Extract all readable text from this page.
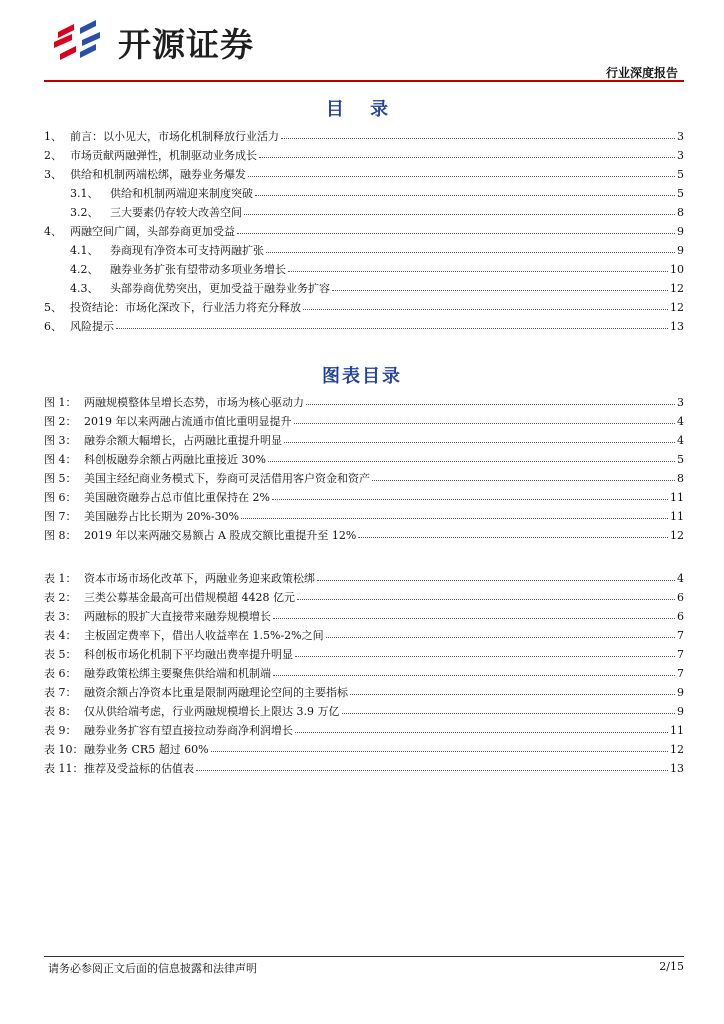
开源证券
行业深度报告
目 录
1、 前言：以小见大，市场化机制释放行业活力	3
2、 市场贡献两融弹性，机制驱动业务成长	3
3、 供给和机制两端松绑，融券业务爆发	5
3.1、	供给和机制两端迎来制度突破	5
3.2、	三大要素仍存较大改善空间	8
4、 两融空间广阔，头部券商更加受益	9
4.1、	券商现有净资本可支持两融扩张	9
4.2、	融券业务扩张有望带动多项业务增长	10
4.3、	头部券商优势突出，更加受益于融券业务扩容	12
5、 投资结论：市场化深改下，行业活力将充分释放	12
6、 风险提示	13
图表目录
图 1： 两融规模整体呈增长态势，市场为核心驱动力	3
图 2： 2019 年以来两融占流通市值比重明显提升	4
图 3： 融券余额大幅增长，占两融比重提升明显	4
图 4： 科创板融券余额占两融比重接近 30%	5
图 5： 美国主经纪商业务模式下，券商可灵活借用客户资金和资产	8
图 6： 美国融资融券占总市值比重保持在 2%	11
图 7： 美国融券占比长期为 20%-30%	11
图 8： 2019 年以来两融交易额占 A 股成交额比重提升至 12%	12
表 1： 资本市场市场化改革下，两融业务迎来政策松绑	4
表 2： 三类公募基金最高可出借规模超 4428 亿元	6
表 3： 两融标的股扩大直接带来融券规模增长	6
表 4： 主板固定费率下，借出人收益率在 1.5%-2%之间	7
表 5： 科创板市场化机制下平均融出费率提升明显	7
表 6： 融券政策松绑主要聚焦供给端和机制端	7
表 7： 融资余额占净资本比重是限制两融理论空间的主要指标	9
表 8： 仅从供给端考虑，行业两融规模增长上限达 3.9 万亿	9
表 9： 融券业务扩容有望直接拉动券商净利润增长	11
表 10： 融券业务 CR5 超过 60%	12
表 11： 推荐及受益标的估值表	13
请务必参阅正文后面的信息披露和法律声明	2/15
